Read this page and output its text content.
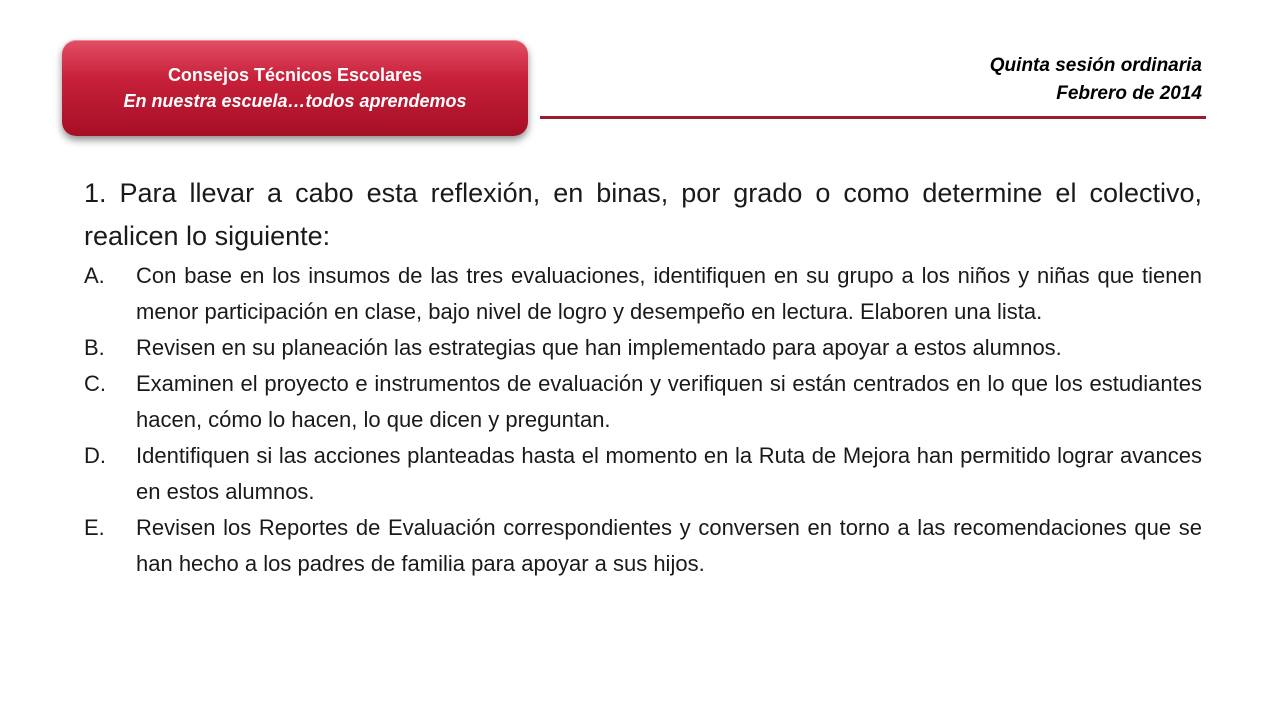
Consejos Técnicos Escolares
En nuestra escuela…todos aprendemos
Quinta sesión ordinaria
Febrero de 2014

1. Para llevar a cabo esta reflexión, en binas, por grado o como determine el colectivo, realicen lo siguiente:

A.	Con base en los insumos de las tres evaluaciones, identifiquen en su grupo a los niños y niñas que tienen menor participación en clase, bajo nivel de logro y desempeño en lectura. Elaboren una lista.
B.	Revisen en su planeación las estrategias que han implementado para apoyar a estos alumnos.
C.	Examinen el proyecto e instrumentos de evaluación y verifiquen si están centrados en lo que los estudiantes hacen, cómo lo hacen, lo que dicen y preguntan.
D.	Identifiquen si las acciones planteadas hasta el momento en la Ruta de Mejora han permitido lograr avances en estos alumnos.
E.	Revisen los Reportes de Evaluación correspondientes y conversen en torno a las recomendaciones que se han hecho a los padres de familia para apoyar a sus hijos.
